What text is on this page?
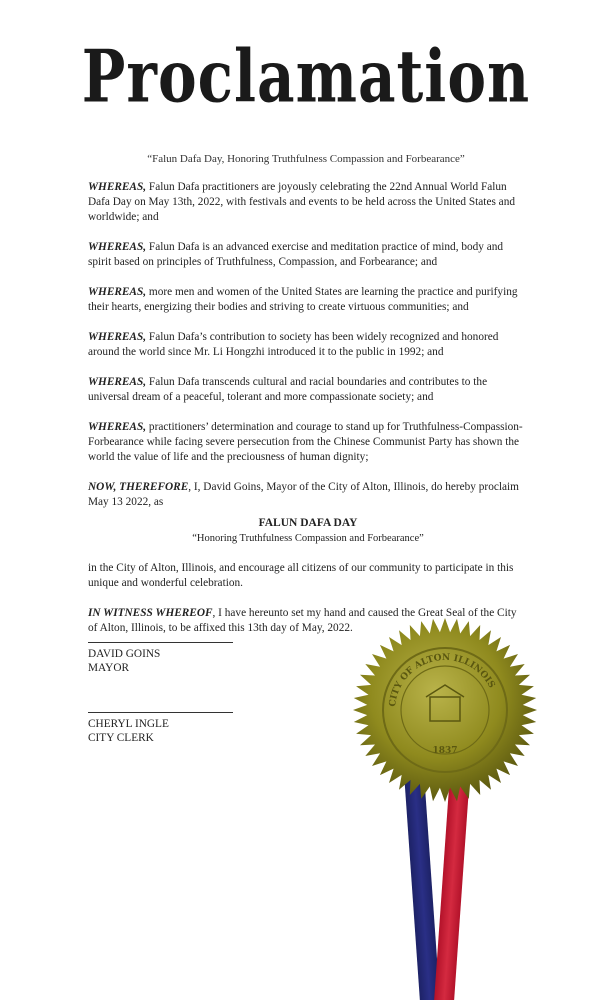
Proclamation
“Falun Dafa Day, Honoring Truthfulness Compassion and Forbearance”

WHEREAS, Falun Dafa practitioners are joyously celebrating the 22nd Annual World Falun Dafa Day on May 13th, 2022, with festivals and events to be held across the United States and worldwide; and

WHEREAS, Falun Dafa is an advanced exercise and meditation practice of mind, body and spirit based on principles of Truthfulness, Compassion, and Forbearance; and

WHEREAS, more men and women of the United States are learning the practice and purifying their hearts, energizing their bodies and striving to create virtuous communities; and

WHEREAS, Falun Dafa’s contribution to society has been widely recognized and honored around the world since Mr. Li Hongzhi introduced it to the public in 1992; and

WHEREAS, Falun Dafa transcends cultural and racial boundaries and contributes to the universal dream of a peaceful, tolerant and more compassionate society; and

WHEREAS, practitioners’ determination and courage to stand up for Truthfulness-Compassion-Forbearance while facing severe persecution from the Chinese Communist Party has shown the world the value of life and the preciousness of human dignity;

NOW, THEREFORE, I, David Goins, Mayor of the City of Alton, Illinois, do hereby proclaim May 13 2022, as

FALUN DAFA DAY
“Honoring Truthfulness Compassion and Forbearance”

in the City of Alton, Illinois, and encourage all citizens of our community to participate in this unique and wonderful celebration.

IN WITNESS WHEREOF, I have hereunto set my hand and caused the Great Seal of the City of Alton, Illinois, to be affixed this 13th day of May, 2022.

DAVID GOINS
MAYOR
CHERYL INGLE
CITY CLERK
CITY OF ALTON ILLINOIS
1837
